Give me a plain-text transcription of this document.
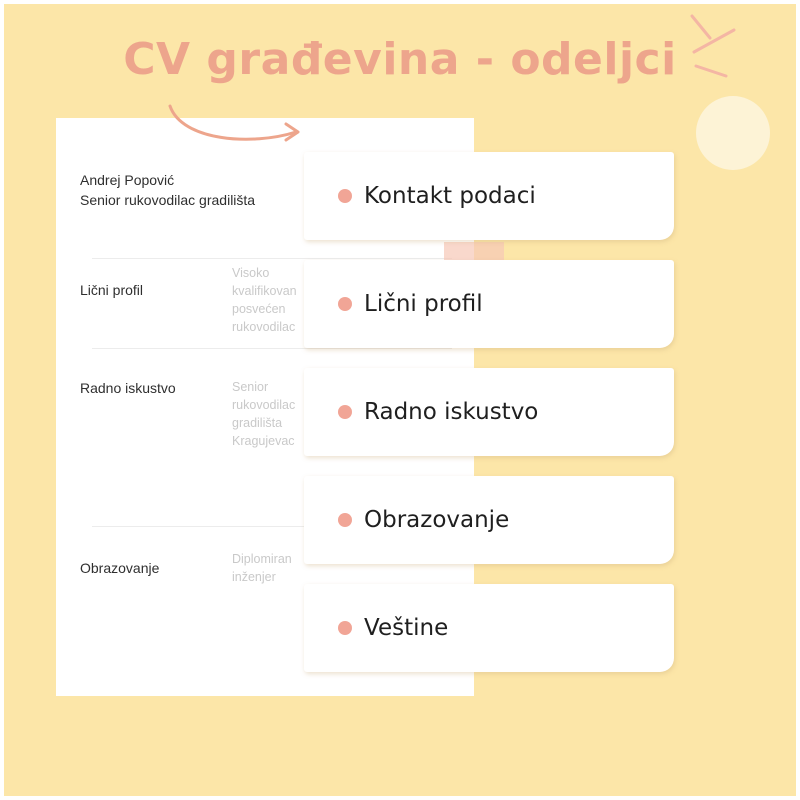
CV građevina - odeljci
Andrej Popović
Senior rukovodilac gradilišta
Lični profil
Visoko
kvalifikovan
posvećen
rukovodilac
Radno iskustvo	Senior
rukovodilac
gradilišta
Kragujevac
Obrazovanje
Diplomiran
inženjer
Kontakt podaci
Lični profil
Radno iskustvo
Obrazovanje
Veštine
